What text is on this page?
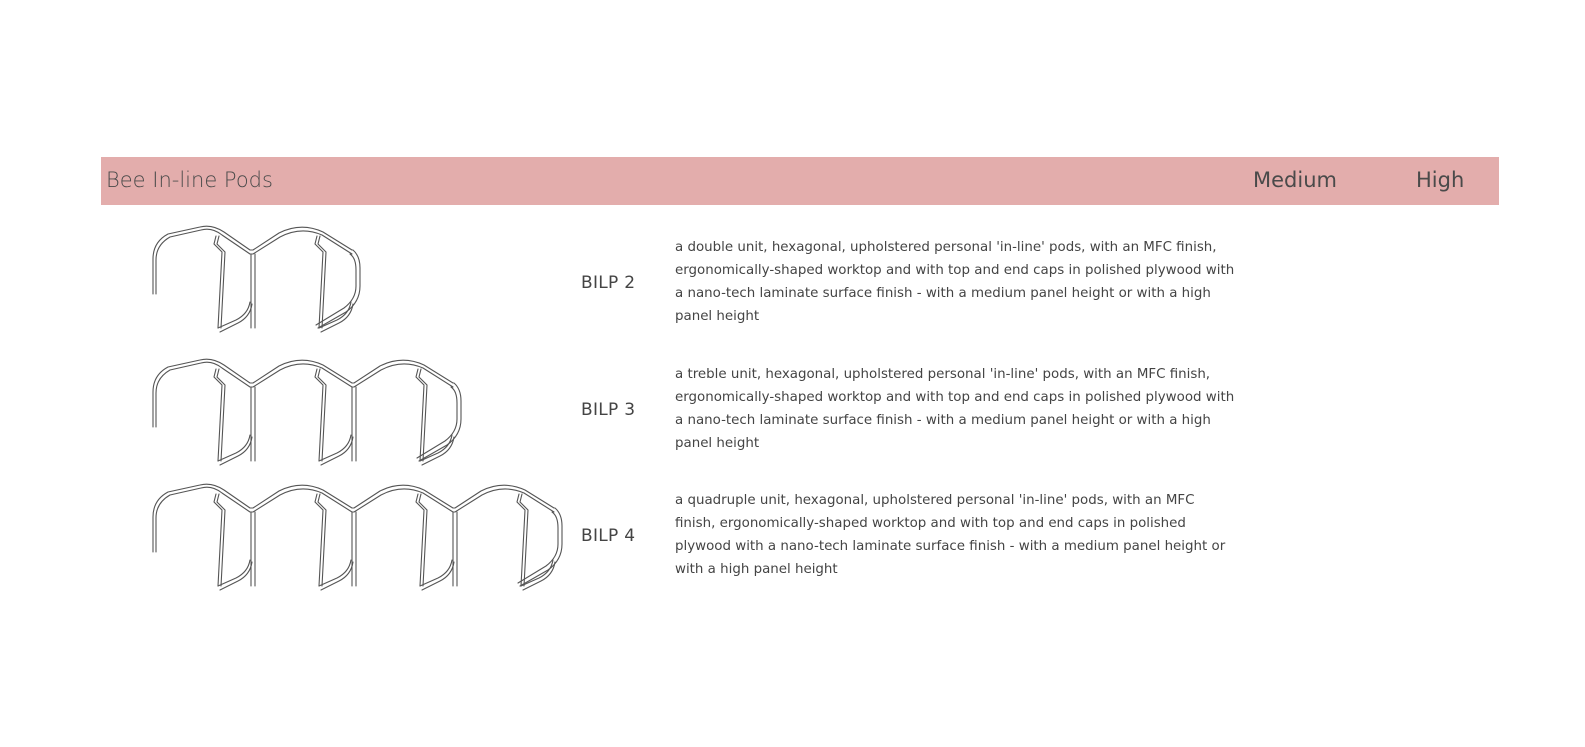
Bee In-line Pods	Medium	High
BILP 2

a double unit, hexagonal, upholstered personal 'in-line' pods, with an MFC finish, ergonomically-shaped worktop and with top and end caps in polished plywood with a nano-tech laminate surface finish - with a medium panel height or with a high panel height

BILP 3

a treble unit, hexagonal, upholstered personal 'in-line' pods, with an MFC finish, ergonomically-shaped worktop and with top and end caps in polished plywood with a nano-tech laminate surface finish - with a medium panel height or with a high panel height

BILP 4

a quadruple unit, hexagonal, upholstered personal 'in-line' pods, with an MFC finish, ergonomically-shaped worktop and with top and end caps in polished plywood with a nano-tech laminate surface finish - with a medium panel height or with a high panel height
